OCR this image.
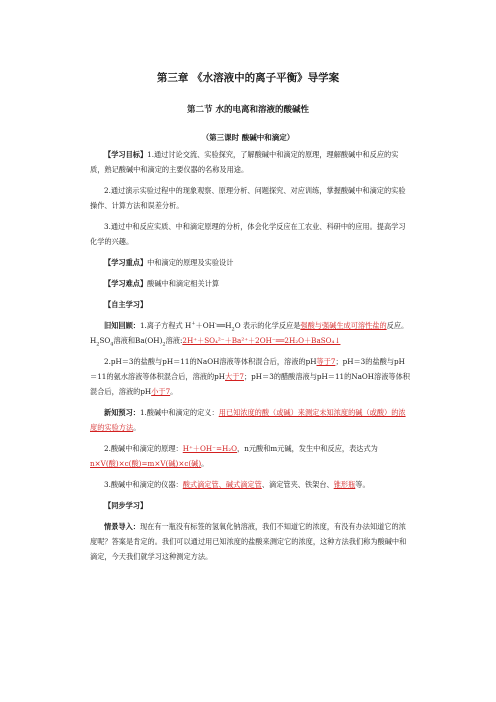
第三章 《水溶液中的离子平衡》导学案

第二节 水的电离和溶液的酸碱性

（第三课时 酸碱中和滴定）

【学习目标】1.通过讨论交流、实验探究，了解酸碱中和滴定的原理，理解酸碱中和反应的实质，熟记酸碱中和滴定的主要仪器的名称及用途。

2.通过演示实验过程中的现象观察、原理分析、问题探究、对应训练，掌握酸碱中和滴定的实验操作、计算方法和误差分析。

3.通过中和反应实质、中和滴定原理的分析，体会化学反应在工农业、科研中的应用。提高学习化学的兴趣。

【学习重点】中和滴定的原理及实验设计

【学习难点】酸碱中和滴定相关计算

【自主学习】

旧知回顾：1.离子方程式 $H^++OH^-══H_2O$ 表示的化学反应是强酸与强碱生成可溶性盐的反应。$H_2SO_4$溶液和$Ba(OH)_2$溶液:2H⁺＋SO₄²⁻＋Ba²⁺＋2OH⁻══2H₂O＋BaSO₄↓

2.pH＝3的盐酸与pH＝11的NaOH溶液等体积混合后，溶液的pH等于7；pH＝3的盐酸与pH＝11的氨水溶液等体积混合后，溶液的pH大于7；pH＝3的醋酸溶液与pH＝11的NaOH溶液等体积混合后，溶液的pH小于7。

新知预习：1.酸碱中和滴定的定义：用已知浓度的酸（或碱）来测定未知浓度的碱（或酸）的浓度的实验方法。

2.酸碱中和滴定的原理：H⁺＋OH⁻=H₂O，n元酸和m元碱，发生中和反应，表达式为n×V(酸)×c(酸)=m×V(碱)×c(碱)。

3.酸碱中和滴定的仪器：酸式滴定管、碱式滴定管、滴定管夹、铁架台、锥形瓶等。

【同步学习】

情景导入：现在有一瓶没有标签的氢氧化钠溶液，我们不知道它的浓度，有没有办法知道它的浓度呢？答案是肯定的。我们可以通过用已知浓度的盐酸来测定它的浓度，这种方法我们称为酸碱中和滴定，今天我们就学习这种测定方法。
